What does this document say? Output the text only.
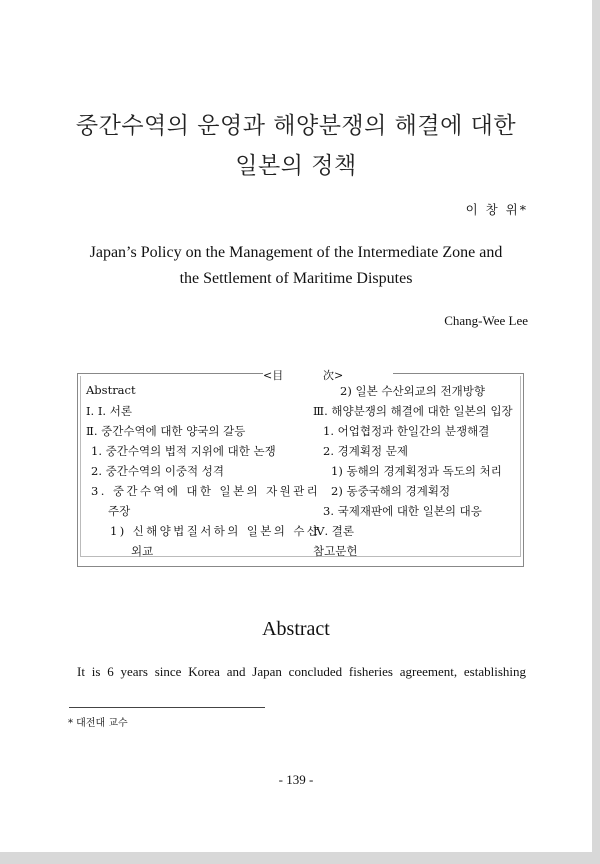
중간수역의 운영과 해양분쟁의 해결에 대한
일본의 정책
이 창 위*
Japan’s Policy on the Management of the Intermediate Zone and
the Settlement of Maritime Disputes
Chang-Wee Lee
<目	次>
Abstract
Ⅰ. Ⅰ. 서론
Ⅱ. 중간수역에 대한 양국의 갈등
1. 중간수역의 법적 지위에 대한 논쟁
2. 중간수역의 이중적 성격
3. 중간수역에 대한 일본의 자원관리
주장
1) 신해양법질서하의 일본의 수산
외교
2) 일본 수산외교의 전개방향
Ⅲ. 해양분쟁의 해결에 대한 일본의 입장
1. 어업협정과 한일간의 분쟁해결
2. 경계획정 문제
1) 동해의 경계획정과 독도의 처리
2) 동중국해의 경계획정
3. 국제재판에 대한 일본의 대응
Ⅳ. 결론
참고문헌
Abstract
It is 6 years since Korea and Japan concluded fisheries agreement, establishing
* 대전대 교수
- 139 -
